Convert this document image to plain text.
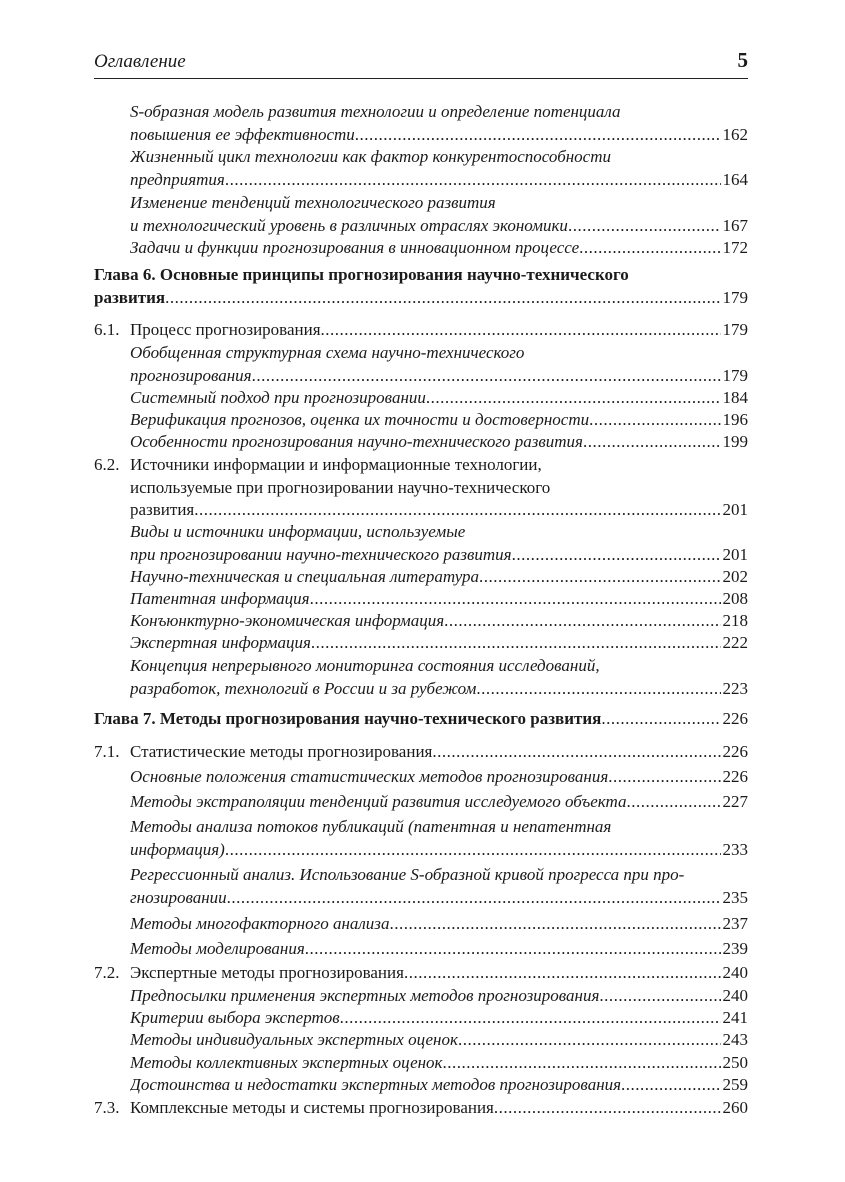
Оглавление	5
S-образная модель развития технологии и определение потенциала
повышения ее эффективности .....	162
Жизненный цикл технологии как фактор конкурентоспособности
предприятия .....	164
Изменение тенденций технологического развития
и технологический уровень в различных отраслях экономики .....	167
Задачи и функции прогнозирования в инновационном процессе .....	172
Глава 6. Основные принципы прогнозирования научно-технического
развития .....	179
6.1. Процесс прогнозирования .....	179
Обобщенная структурная схема научно-технического
прогнозирования .....	179
Системный подход при прогнозировании .....	184
Верификация прогнозов, оценка их точности и достоверности .....	196
Особенности прогнозирования научно-технического развития .....	199
6.2. Источники информации и информационные технологии,
используемые при прогнозировании научно-технического
развития .....	201
Виды и источники информации, используемые
при прогнозировании научно-технического развития .....	201
Научно-техническая и специальная литература .....	202
Патентная информация .....	208
Конъюнктурно-экономическая информация .....	218
Экспертная информация .....	222
Концепция непрерывного мониторинга состояния исследований,
разработок, технологий в России и за рубежом .....	223
Глава 7. Методы прогнозирования научно-технического развития .....	226
7.1. Статистические методы прогнозирования .....	226
Основные положения статистических методов прогнозирования .....	226
Методы экстраполяции тенденций развития исследуемого объекта .....	227
Методы анализа потоков публикаций (патентная и непатентная
информация) .....	233
Регрессионный анализ. Использование S-образной кривой прогресса при про-
гнозировании .....	235
Методы многофакторного анализа .....	237
Методы моделирования .....	239
7.2. Экспертные методы прогнозирования .....	240
Предпосылки применения экспертных методов прогнозирования .....	240
Критерии выбора экспертов .....	241
Методы индивидуальных экспертных оценок .....	243
Методы коллективных экспертных оценок .....	250
Достоинства и недостатки экспертных методов прогнозирования .....	259
7.3. Комплексные методы и системы прогнозирования .....	260
